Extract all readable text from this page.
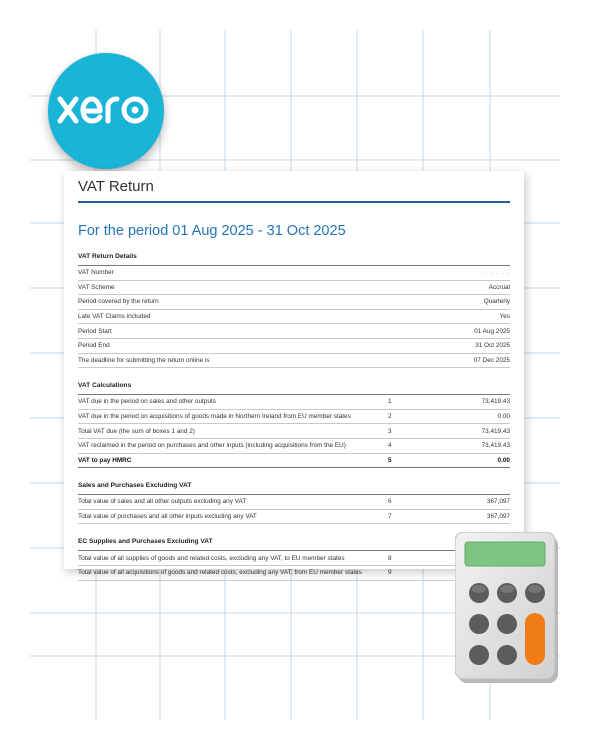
VAT Return
For the period 01 Aug 2025 - 31 Oct 2025
VAT Return Details
VAT Number	. . . . .
VAT Scheme	Accrual
Period covered by the return	Quarterly
Late VAT Claims included	Yes
Period Start	01 Aug 2025
Period End	31 Oct 2025
The deadline for submitting the return online is	07 Dec 2025
VAT Calculations
VAT due in the period on sales and other outputs	1	73,419.43
VAT due in the period on acquisitions of goods made in Northern Ireland from EU member states	2	0.00
Total VAT due (the sum of boxes 1 and 2)	3	73,419.43
VAT reclaimed in the period on purchases and other inputs (including acquisitions from the EU)	4	73,419.43
VAT to pay HMRC	5	0.00
Sales and Purchases Excluding VAT
Total value of sales and all other outputs excluding any VAT	6	367,097
Total value of purchases and all other inputs excluding any VAT	7	367,097
EC Supplies and Purchases Excluding VAT
Total value of all supplies of goods and related costs, excluding any VAT, to EU member states	8
Total value of all acquisitions of goods and related costs, excluding any VAT, from EU member states	9
